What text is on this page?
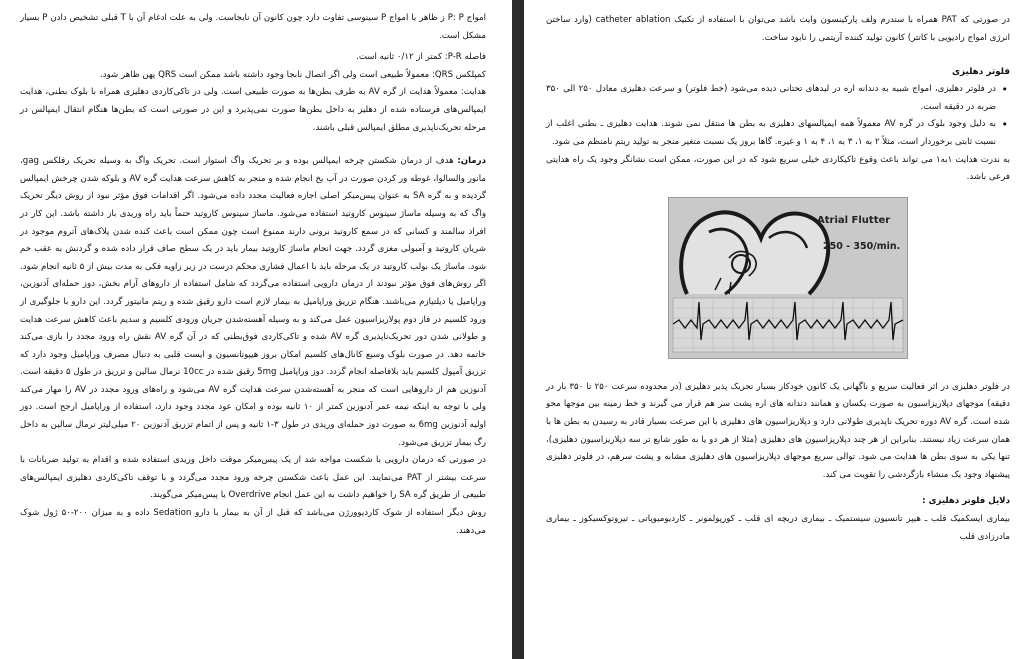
امواج P: P ز ظاهر با امواج P سینوسی تفاوت دارد چون کانون آن نابجاست. ولی به علت ادغام آن با T قبلی تشخیص دادن P بسیار مشکل است.

فاصله P-R: کمتر از ۰/۱۲ ثانیه است.

کمپلکس QRS: معمولاً طبیعی است ولی اگر اتصال نابجا وجود داشته باشد ممکن است QRS پهن ظاهر شود.

هدایت: معمولاً هدایت از گره AV به طرف بطن‌ها به صورت طبیعی است. ولی در تاکی‌کاردی دهلیزی همراه با بلوک بطنی، هدایت ایمپالس‌های فرستاده شده از دهلیز به داخل بطن‌ها صورت نمی‌پذیرد و این در صورتی است که بطن‌ها هنگام انتقال ایمپالس در مرحله تحریک‌ناپذیری مطلق ایمپالس قبلی باشند.

درمان: هدف از درمان شکستن چرخه ایمپالس بوده و بر تحریک واگ استوار است. تحریک واگ به وسیله تحریک رفلکس gag، مانور والسالوا، غوطه ور کردن صورت در آب یخ انجام شده و منجر به کاهش سرعت هدایت گره AV و بلوکه شدن چرخش ایمپالس گردیده و به گره SA به عنوان پیس‌میکر اصلی اجازه فعالیت مجدد داده می‌شود. اگر اقدامات فوق مؤثر نبود از روش دیگر تحریک واگ که به وسیله ماساژ سینوس کاروتید استفاده می‌شود. ماساژ سینوس کاروتید حتماً باید راه وریدی باز داشته باشد. این کار در افراد سالمند و کسانی که در سمع کاروتید برونی دارند ممنوع است چون ممکن است باعث کنده شدن پلاک‌های آتروم موجود در شریان کاروتید و آمبولی مغزی گردد. جهت انجام ماساژ کاروتید بیمار باید در یک سطح صاف قرار داده شده و گردنش به عقب خم شود. ماساژ یک بولب کاروتید در یک مرحله باید با اعمال فشاری محکم درست در زیر زاویه فکی به مدت بیش از ۵ ثانیه انجام شود. اگر روش‌های فوق مؤثر نبودند از درمان دارویی استفاده می‌گردد که شامل استفاده از داروهای آرام بخش، دوز حمله‌ای آدنوزین، وراپامیل یا دیلتیازم می‌باشند. هنگام تزریق وراپامیل به بیمار لازم است دارو رقیق شده و ریتم مانیتور گردد. این دارو با جلوگیری از ورود کلسیم در فاز دوم پولاریزاسیون عمل می‌کند و به وسیله آهسته‌شدن جریان ورودی کلسیم و سدیم باعث کاهش سرعت هدایت و طولانی شدن دور تحریک‌ناپذیری گره AV شده و تاکی‌کاردی فوق‌بطنی که در آن گره AV نقش راه ورود مجدد را بازی می‌کند خاتمه دهد. در صورت بلوک وسیع کانال‌های کلسیم امکان بروز هیپوتانسیون و ایست قلبی به دنبال مصرف وراپامیل وجود دارد که تزریق آمپول کلسیم باید بلافاصله انجام گردد. دوز وراپامیل 5mg رقیق شده در 10cc نرمال سالین و تزریق در طول ۵ دقیقه است. آدنوزین هم از داروهایی است که منجر به آهسته‌شدن سرعت هدایت گره AV می‌شود و راه‌های ورود مجدد در AV را مهار می‌کند ولی با توجه به اینکه نیمه عمر آدنوزین کمتر از ۱۰ ثانیه بوده و امکان عود مجدد وجود دارد، استفاده از وراپامیل ارجح است. دوز اولیه آدنوزین 6mg به صورت دوز حمله‌ای وریدی در طول ۳-۱ ثانیه و پس از اتمام تزریق آدنوزین ۲۰ میلی‌لیتر نرمال سالین به داخل رگ بیمار تزریق می‌شود.

در صورتی که درمان دارویی با شکست مواجه شد از یک پیس‌میکر موقت داخل وریدی استفاده شده و اقدام به تولید ضربانات با سرعت بیشتر از PAT می‌نمایند. این عمل باعث شکستن چرخه ورود مجدد می‌گردد و با توقف تاکی‌کاردی دهلیزی ایمپالس‌های طبیعی از طریق گره SA را خواهیم داشت به این عمل انجام Overdrive یا پیس‌میکر می‌گویند.

روش دیگر استفاده از شوک کاردیوورژن می‌باشد که قبل از آن به بیمار با دارو Sedation داده و به میزان ۲۰۰-۵۰ ژول شوک می‌دهند.

در صورتی که PAT همراه با سندرم ولف پارکینسون وایت باشد می‌توان با استفاده از تکنیک catheter ablation (وارد ساختن انرژی امواج رادیویی با کاتتر) کانون تولید کننده آریتمی را نابود ساخت.

فلوتر دهلیزی
• در فلوتر دهلیزی، امواج شبیه به دندانه اره در لیدهای تحتانی دیده می‌شود (خط فلوتر) و سرعت دهلیزی معادل ۲۵۰ الی ۳۵۰ ضربه در دقیقه است.
• به دلیل وجود بلوک در گره AV معمولاً همه ایمپالسهای دهلیزی به بطن ها منتقل نمی شوند. هدایت دهلیزی ـ بطنی اغلب از نسبت ثابتی برخوردار است، مثلاً ۲ به ۱، ۳ به ۱، ۴ به ۱ و غیره. گاها بروز یک نسبت متغیر منجر به تولید ریتم نامنظم می‌ شود.

به ندرت هدایت ۱به۱ می تواند باعث وقوع تاکیکاردی خیلی سریع شود که در این صورت، ممکن است نشانگر وجود یک راه هدایتی فرعی باشد.

Atrial Flutter
250 - 350/min.

در فلوتر دهلیزی در اثر فعالیت سریع و ناگهانی یک کانون خودکار بسیار تحریک پذیر دهلیزی (در محدوده سرعت ۲۵۰ تا ۳۵۰ بار در دقیقه) موجهای دپلاریزاسیون به صورت یکسان و همانند دندانه های اره پشت سر هم قرار می گیرند و خط زمینه بین موجها محو شده است. گره AV دوره تحریک ناپذیری طولانی دارد و دپلاریزاسیون های دهلیزی با این صرعت بسیار قادر به رسیدن به بطن ها با همان سرعت زیاد نیستند. بنابراین از هر چند دپلاریزاسیون های دهلیزی (مثلا از هر دو یا به طور شایع تر سه دپلاریزاسیون دهلیزی)، تنها یکی به سوی بطن ها هدایت می شود. توالی سریع موجهای دپلاریزاسیون های دهلیزی مشابه و پشت سرهم، در فلوتر دهلیزی پیشنهاد وجود یک منشاء بازگردشی را تقویت می کند.

دلایل فلوتر دهلیزی :

بیماری ایسکمیک قلب ـ هیپر تانسیون سیستمیک ـ بیماری دریچه ای قلب ـ کورپولمونر ـ کاردیومیوپاتی ـ تیروتوکسیکوز ـ بیماری مادرزادی قلب
